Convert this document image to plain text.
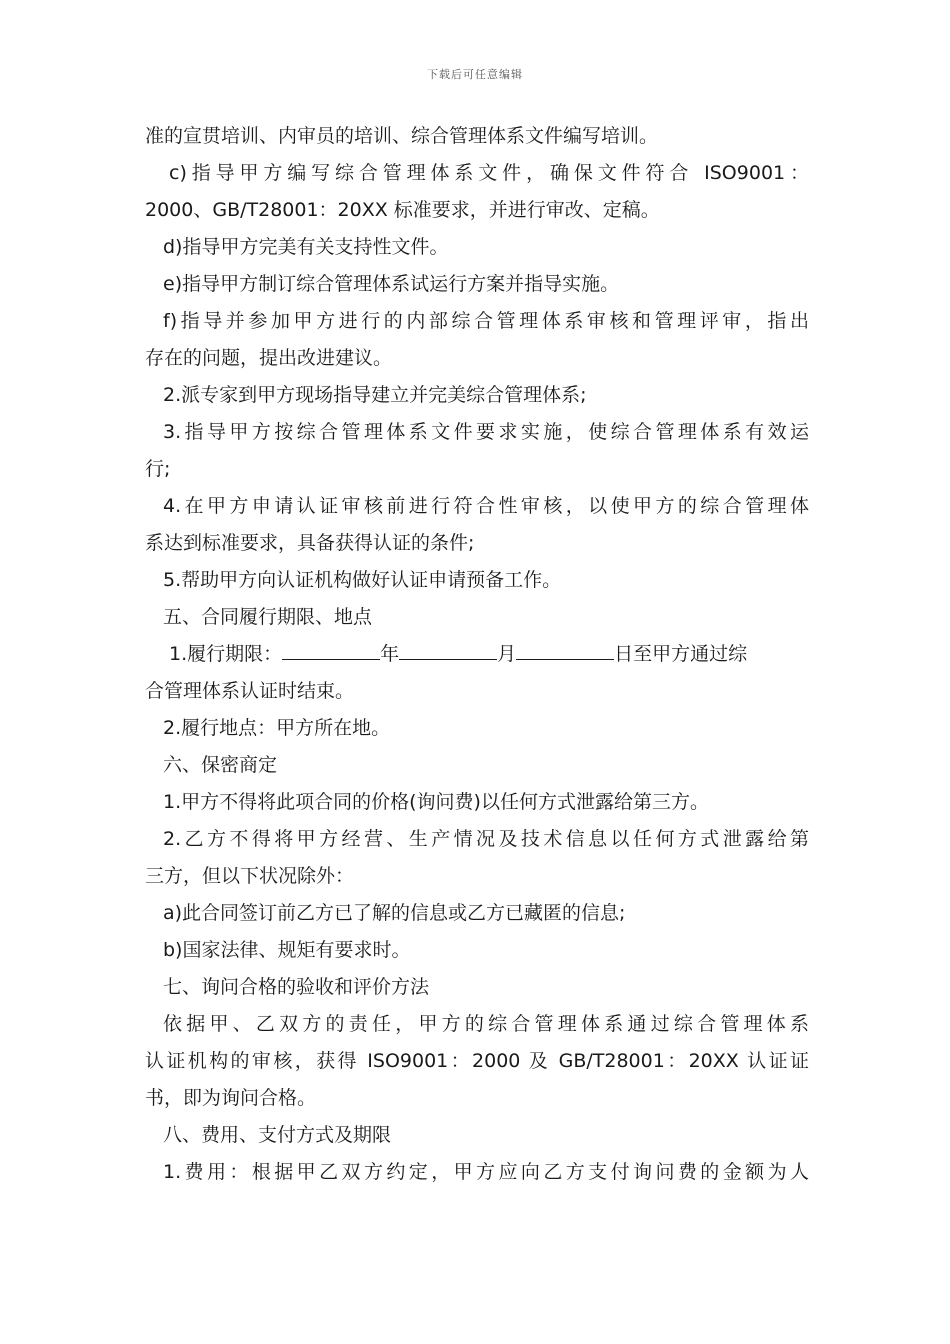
下载后可任意编辑
准的宣贯培训、内审员的培训、综合管理体系文件编写培训。
c)指导甲方编写综合管理体系文件，确保文件符合 ISO9001：
2000、GB/T28001：20XX 标准要求，并进行审改、定稿。
d)指导甲方完美有关支持性文件。
e)指导甲方制订综合管理体系试运行方案并指导实施。
f)指导并参加甲方进行的内部综合管理体系审核和管理评审，指出
存在的问题，提出改进建议。
2.派专家到甲方现场指导建立并完美综合管理体系;
3.指导甲方按综合管理体系文件要求实施，使综合管理体系有效运
行;
4.在甲方申请认证审核前进行符合性审核，以使甲方的综合管理体
系达到标准要求，具备获得认证的条件;
5.帮助甲方向认证机构做好认证申请预备工作。
五、合同履行期限、地点
1.履行期限：	年	月	日至甲方通过综
合管理体系认证时结束。
2.履行地点：甲方所在地。
六、保密商定
1.甲方不得将此项合同的价格(询问费)以任何方式泄露给第三方。
2.乙方不得将甲方经营、生产情况及技术信息以任何方式泄露给第
三方，但以下状况除外：
a)此合同签订前乙方已了解的信息或乙方已藏匿的信息;
b)国家法律、规矩有要求时。
七、询问合格的验收和评价方法
依据甲、乙双方的责任，甲方的综合管理体系通过综合管理体系
认证机构的审核，获得 ISO9001：2000 及 GB/T28001：20XX 认证证
书，即为询问合格。
八、费用、支付方式及期限
1.费用：根据甲乙双方约定，甲方应向乙方支付询问费的金额为人
